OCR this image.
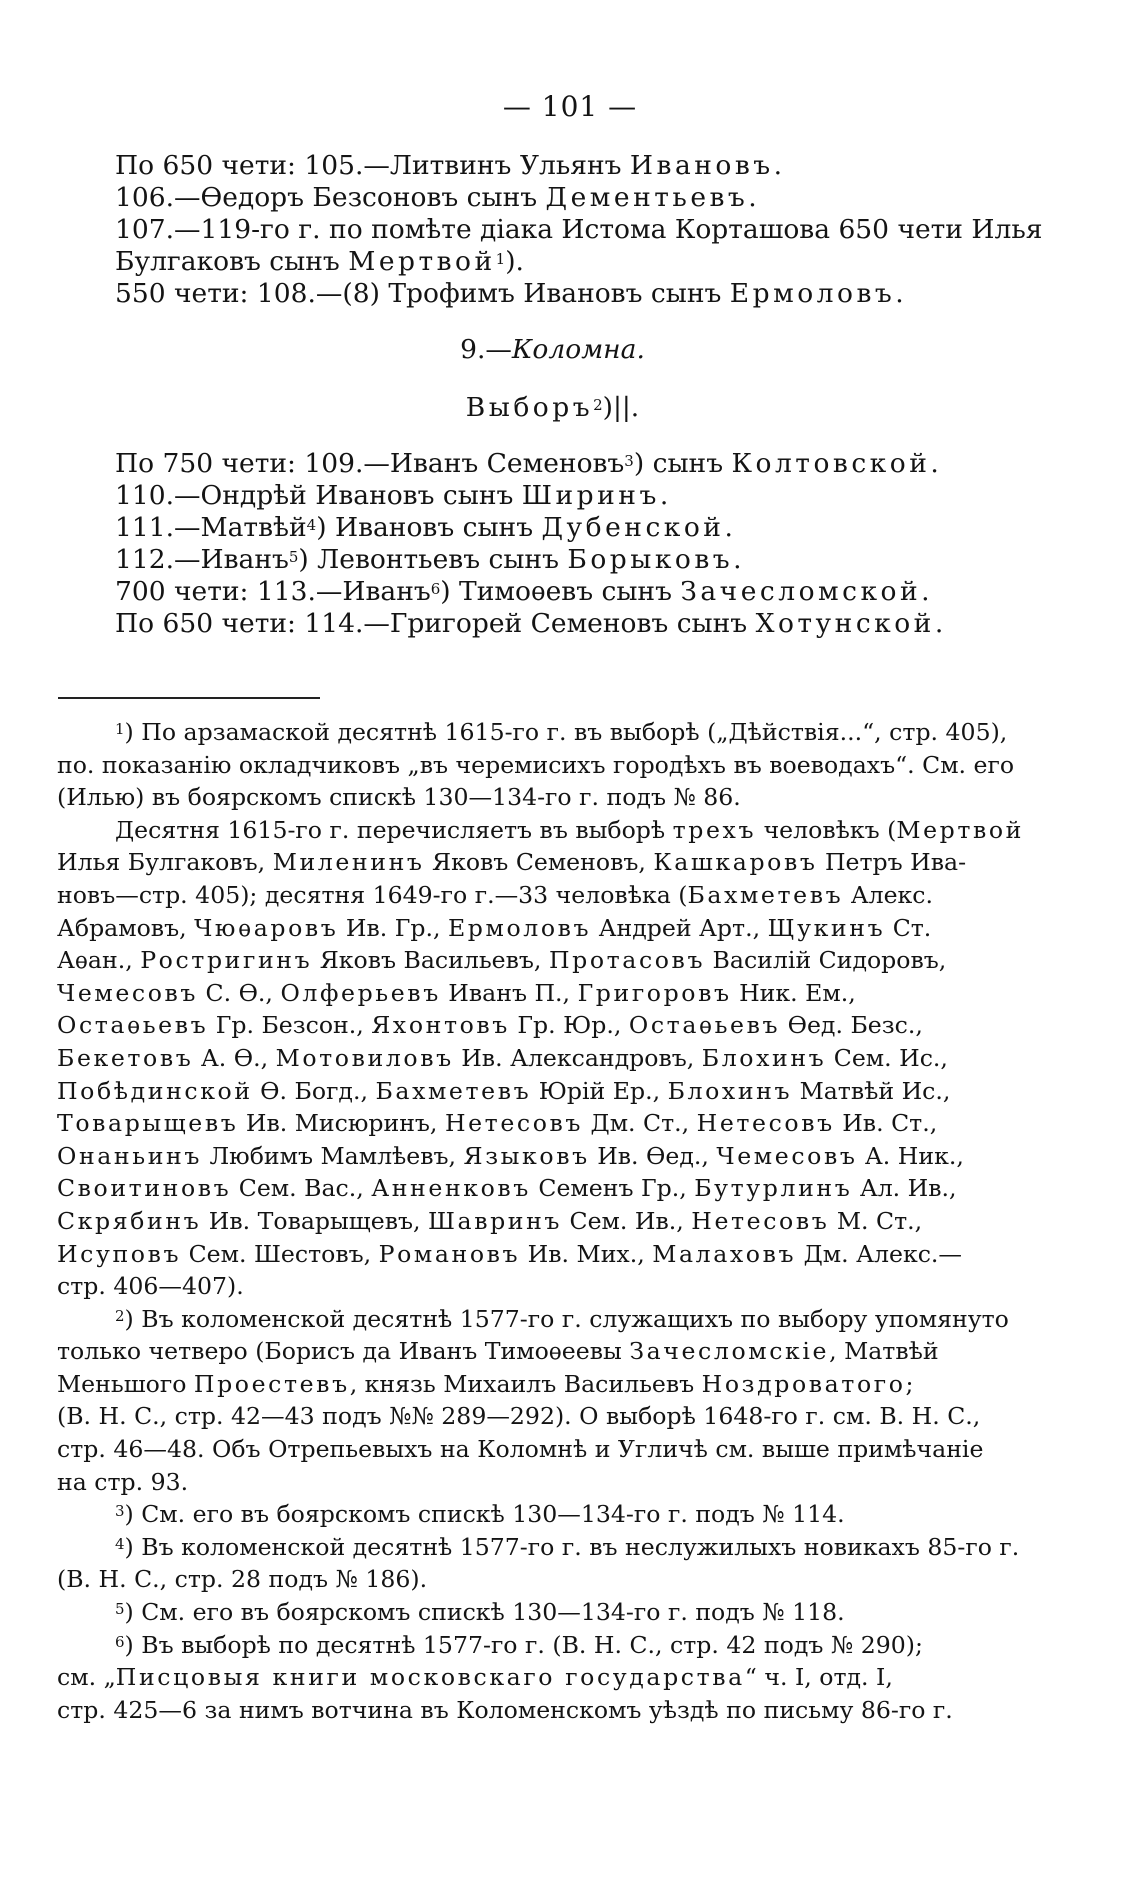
— 101 —
По 650 чети: 105.—Литвинъ Ульянъ Ивановъ.
106.—Өедоръ Безсоновъ сынъ Дементьевъ.
107.—119-го г. по помѣте діака Истома Корташова 650 чети Илья
Булгаковъ сынъ Мертвой$^1$).
550 чети: 108.—(8) Трофимъ Ивановъ сынъ Ермоловъ.
9.—Коломна.
Выборъ$^2$)||.
По 750 чети: 109.—Иванъ Семеновъ$^3$) сынъ Колтовской.
110.—Ондрѣй Ивановъ сынъ Ширинъ.
111.—Матвѣй$^4$) Ивановъ сынъ Дубенской.
112.—Иванъ$^5$) Левонтьевъ сынъ Борыковъ.
700 чети: 113.—Иванъ$^6$) Тимоѳевъ сынъ Зачесломской.
По 650 чети: 114.—Григорей Семеновъ сынъ Хотунской.
$^1$) По арзамаской десятнѣ 1615-го г. въ выборѣ („Дѣйствія...“, стр. 405),
по. показанію окладчиковъ „въ черемисихъ городѣхъ въ воеводахъ“. См. его
(Илью) въ боярскомъ спискѣ 130—134-го г. подъ № 86.
Десятня 1615-го г. перечисляетъ въ выборѣ трехъ человѣкъ (Мертвой
Илья Булгаковъ, Миленинъ Яковъ Семеновъ, Кашкаровъ Петръ Ива-
новъ—стр. 405); десятня 1649-го г.—33 человѣка (Бахметевъ Алекс.
Абрамовъ, Чюѳаровъ Ив. Гр., Ермоловъ Андрей Арт., Щукинъ Ст.
Аѳан., Ростригинъ Яковъ Васильевъ, Протасовъ Василій Сидоровъ,
Чемесовъ С. Ѳ., Олферьевъ Иванъ П., Григоровъ Ник. Ем.,
Остаѳьевъ Гр. Безсон., Яхонтовъ Гр. Юр., Остаѳьевъ Ѳед. Безс.,
Бекетовъ А. Ѳ., Мотовиловъ Ив. Александровъ, Блохинъ Сем. Ис.,
Побѣдинской Ѳ. Богд., Бахметевъ Юрій Ер., Блохинъ Матвѣй Ис.,
Товарыщевъ Ив. Мисюринъ, Нетесовъ Дм. Ст., Нетесовъ Ив. Ст.,
Онаньинъ Любимъ Мамлѣевъ, Языковъ Ив. Ѳед., Чемесовъ А. Ник.,
Своитиновъ Сем. Вас., Анненковъ Семенъ Гр., Бутурлинъ Ал. Ив.,
Скрябинъ Ив. Товарыщевъ, Шавринъ Сем. Ив., Нетесовъ М. Ст.,
Исуповъ Сем. Шестовъ, Романовъ Ив. Мих., Малаховъ Дм. Алекс.—
стр. 406—407).
$^2$) Въ коломенской десятнѣ 1577-го г. служащихъ по выбору упомянуто
только четверо (Борисъ да Иванъ Тимоѳеевы Зачесломскіе, Матвѣй
Меньшого Проестевъ, князь Михаилъ Васильевъ Ноздроватого;
(В. Н. С., стр. 42—43 подъ №№ 289—292). О выборѣ 1648-го г. см. В. Н. С.,
стр. 46—48. Объ Отрепьевыхъ на Коломнѣ и Угличѣ см. выше примѣчаніе
на стр. 93.
$^3$) См. его въ боярскомъ спискѣ 130—134-го г. подъ № 114.
$^4$) Въ коломенской десятнѣ 1577-го г. въ неслужилыхъ новикахъ 85-го г.
(В. Н. С., стр. 28 подъ № 186).
$^5$) См. его въ боярскомъ спискѣ 130—134-го г. подъ № 118.
$^6$) Въ выборѣ по десятнѣ 1577-го г. (В. Н. С., стр. 42 подъ № 290);
см. „Писцовыя книги московскаго государства“ ч. I, отд. I,
стр. 425—6 за нимъ вотчина въ Коломенскомъ уѣздѣ по письму 86-го г.
